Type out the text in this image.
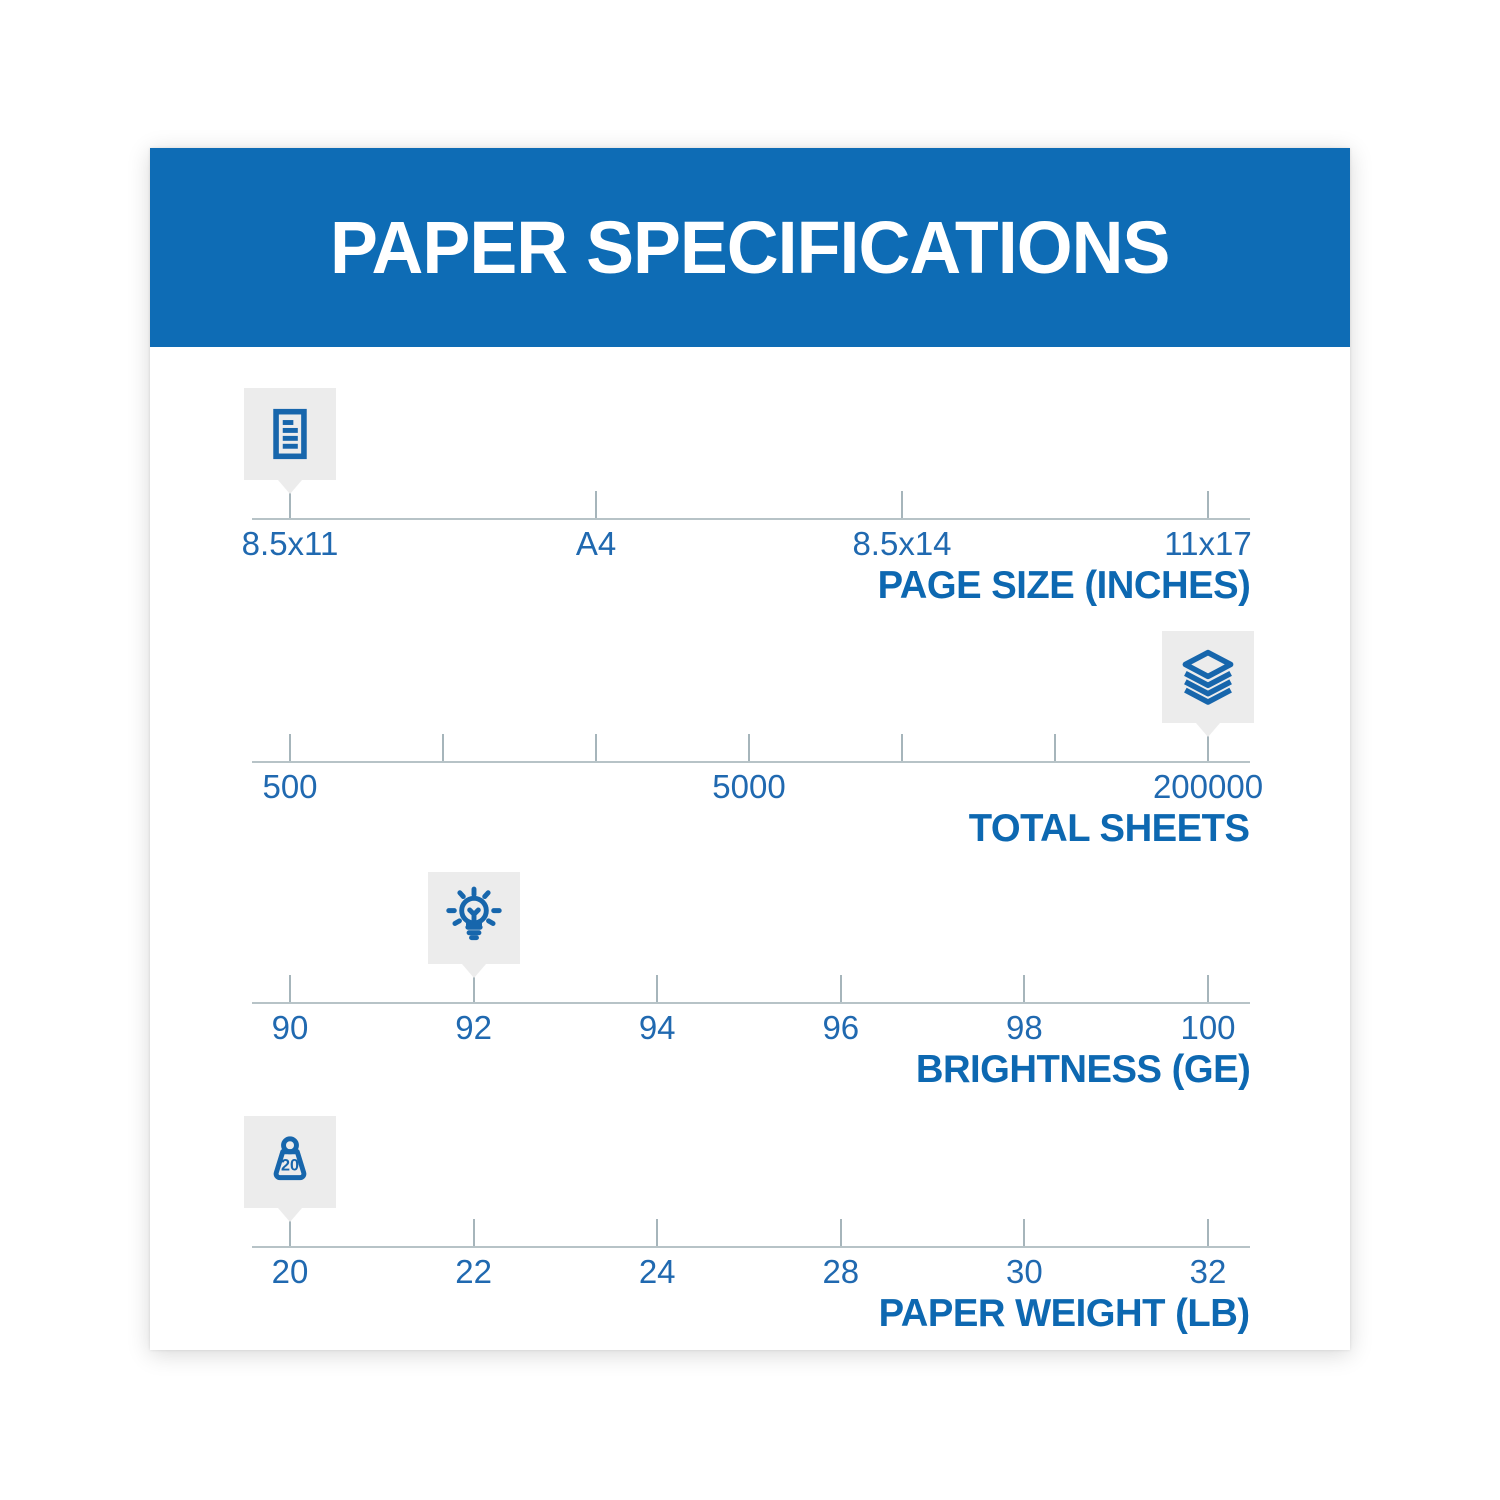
PAPER SPECIFICATIONS
8.5x11	A4	8.5x14	11x17
PAGE SIZE (INCHES)
500	5000	200000
TOTAL SHEETS
90	92	94	96	98	100
BRIGHTNESS (GE)
20	22	24	28	30	32
PAPER WEIGHT (LB)
20
